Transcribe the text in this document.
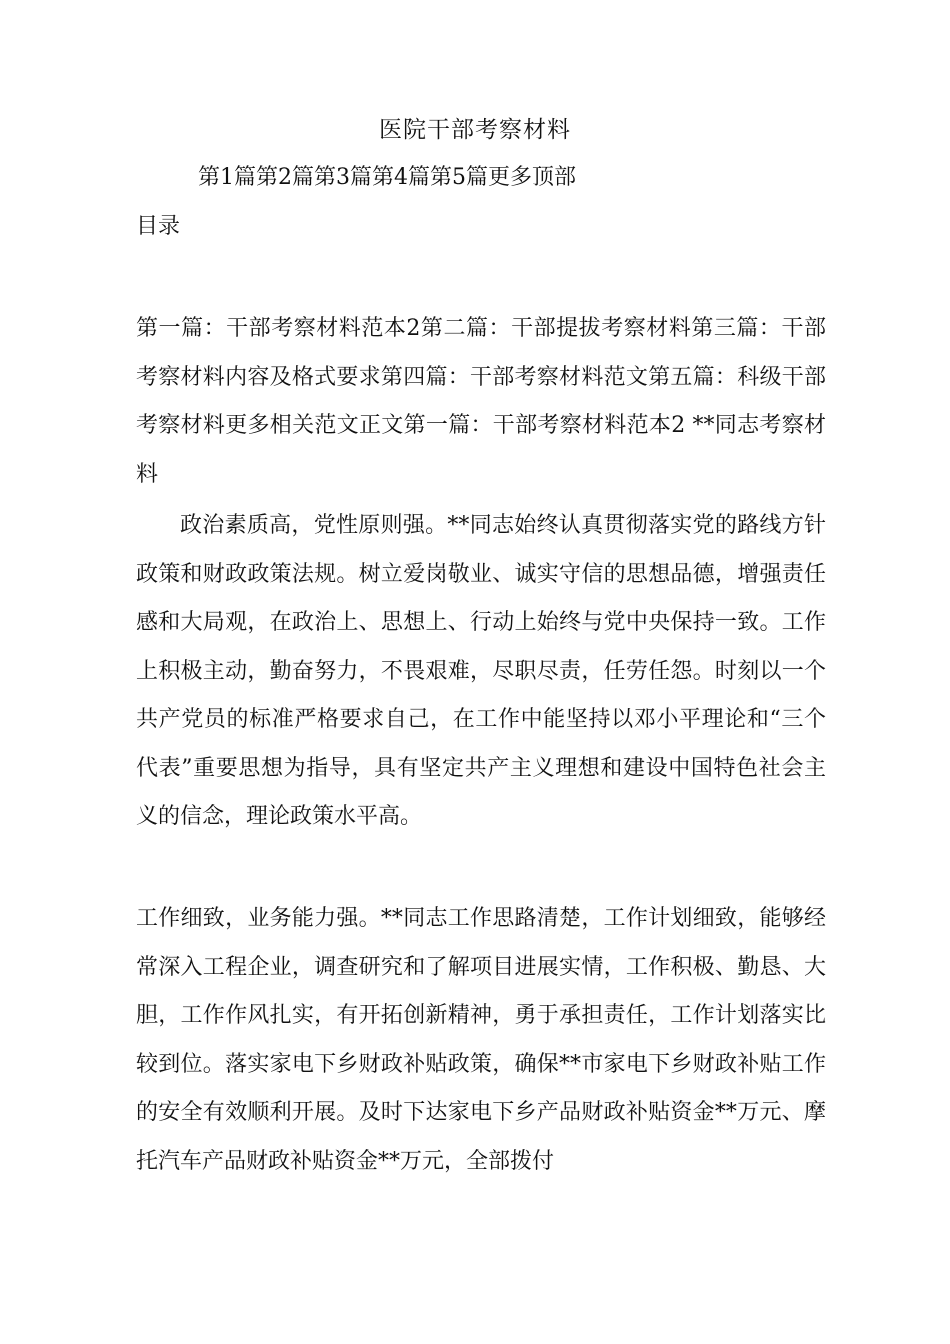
医院干部考察材料
第1篇第2篇第3篇第4篇第5篇更多顶部
目录
第一篇：干部考察材料范本2第二篇：干部提拔考察材料第三篇：干部考察材料内容及格式要求第四篇：干部考察材料范文第五篇：科级干部考察材料更多相关范文正文第一篇：干部考察材料范本2 **同志考察材料
政治素质高，党性原则强。**同志始终认真贯彻落实党的路线方针政策和财政政策法规。树立爱岗敬业、诚实守信的思想品德，增强责任感和大局观，在政治上、思想上、行动上始终与党中央保持一致。工作上积极主动，勤奋努力，不畏艰难，尽职尽责，任劳任怨。时刻以一个共产党员的标准严格要求自己，在工作中能坚持以邓小平理论和“三个代表”重要思想为指导，具有坚定共产主义理想和建设中国特色社会主义的信念，理论政策水平高。
工作细致，业务能力强。**同志工作思路清楚，工作计划细致，能够经常深入工程企业，调查研究和了解项目进展实情，工作积极、勤恳、大胆，工作作风扎实，有开拓创新精神，勇于承担责任，工作计划落实比较到位。落实家电下乡财政补贴政策，确保**市家电下乡财政补贴工作的安全有效顺利开展。及时下达家电下乡产品财政补贴资金**万元、摩托汽车产品财政补贴资金**万元，全部拨付
